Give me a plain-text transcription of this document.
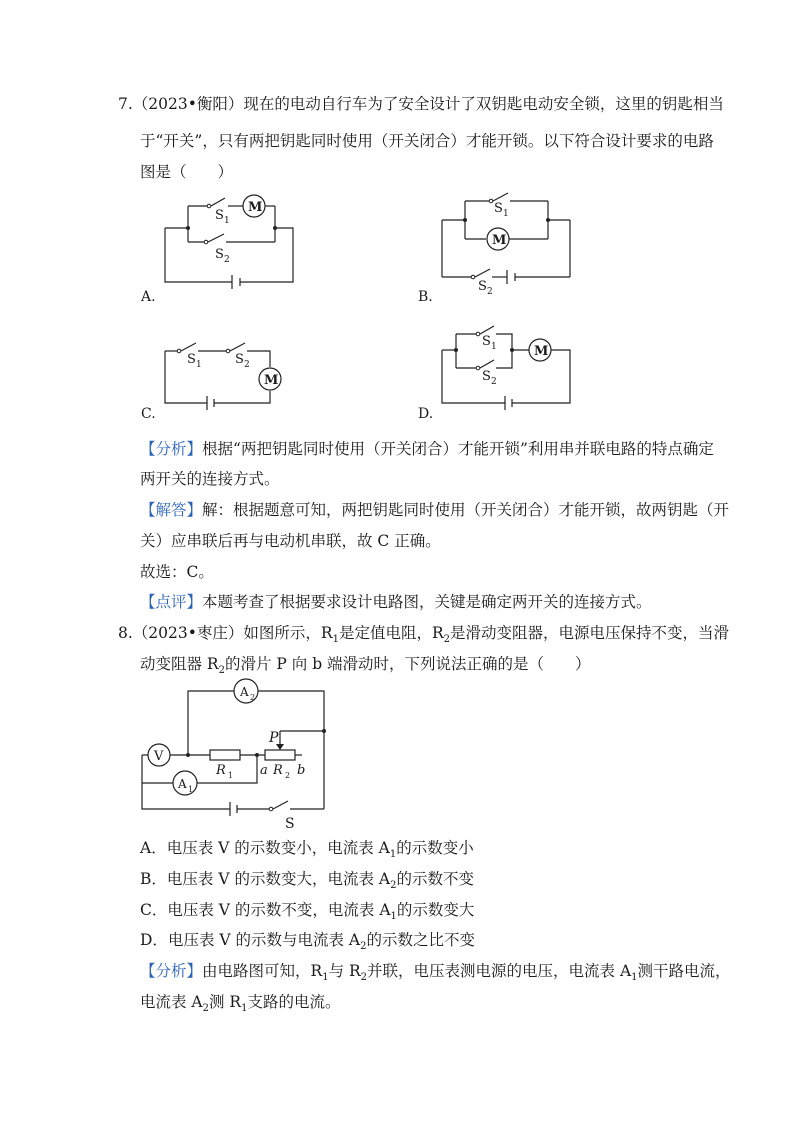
7.（2023•衡阳）现在的电动自行车为了安全设计了双钥匙电动安全锁，这里的钥匙相当
于“开关”，只有两把钥匙同时使用（开关闭合）才能开锁。以下符合设计要求的电路
图是（　　）
M
S 1
S 2
M
S 1
S 2
M
S 1	S 2
M
S 1
S 2
A.	B.
C.	D.
【分析】根据“两把钥匙同时使用（开关闭合）才能开锁”利用串并联电路的特点确定
两开关的连接方式。
【解答】解：根据题意可知，两把钥匙同时使用（开关闭合）才能开锁，故两钥匙（开
关）应串联后再与电动机串联，故 C 正确。
故选：C。
【点评】本题考查了根据要求设计电路图，关键是确定两开关的连接方式。
8.（2023•枣庄）如图所示，$R_1$是定值电阻，$R_2$是滑动变阻器，电源电压保持不变，当滑
动变阻器 $R_2$的滑片 P 向 b 端滑动时，下列说法正确的是（　　）
A 2
P
V
R 1 a R 2 b
S
A 1
A．电压表 V 的示数变小，电流表 $A_1$的示数变小
B．电压表 V 的示数变大，电流表 $A_2$的示数不变
C．电压表 V 的示数不变，电流表 $A_1$的示数变大
D．电压表 V 的示数与电流表 $A_2$的示数之比不变
【分析】由电路图可知，$R_1$与 $R_2$并联，电压表测电源的电压，电流表 $A_1$测干路电流，
电流表 $A_2$测 $R_1$支路的电流。
